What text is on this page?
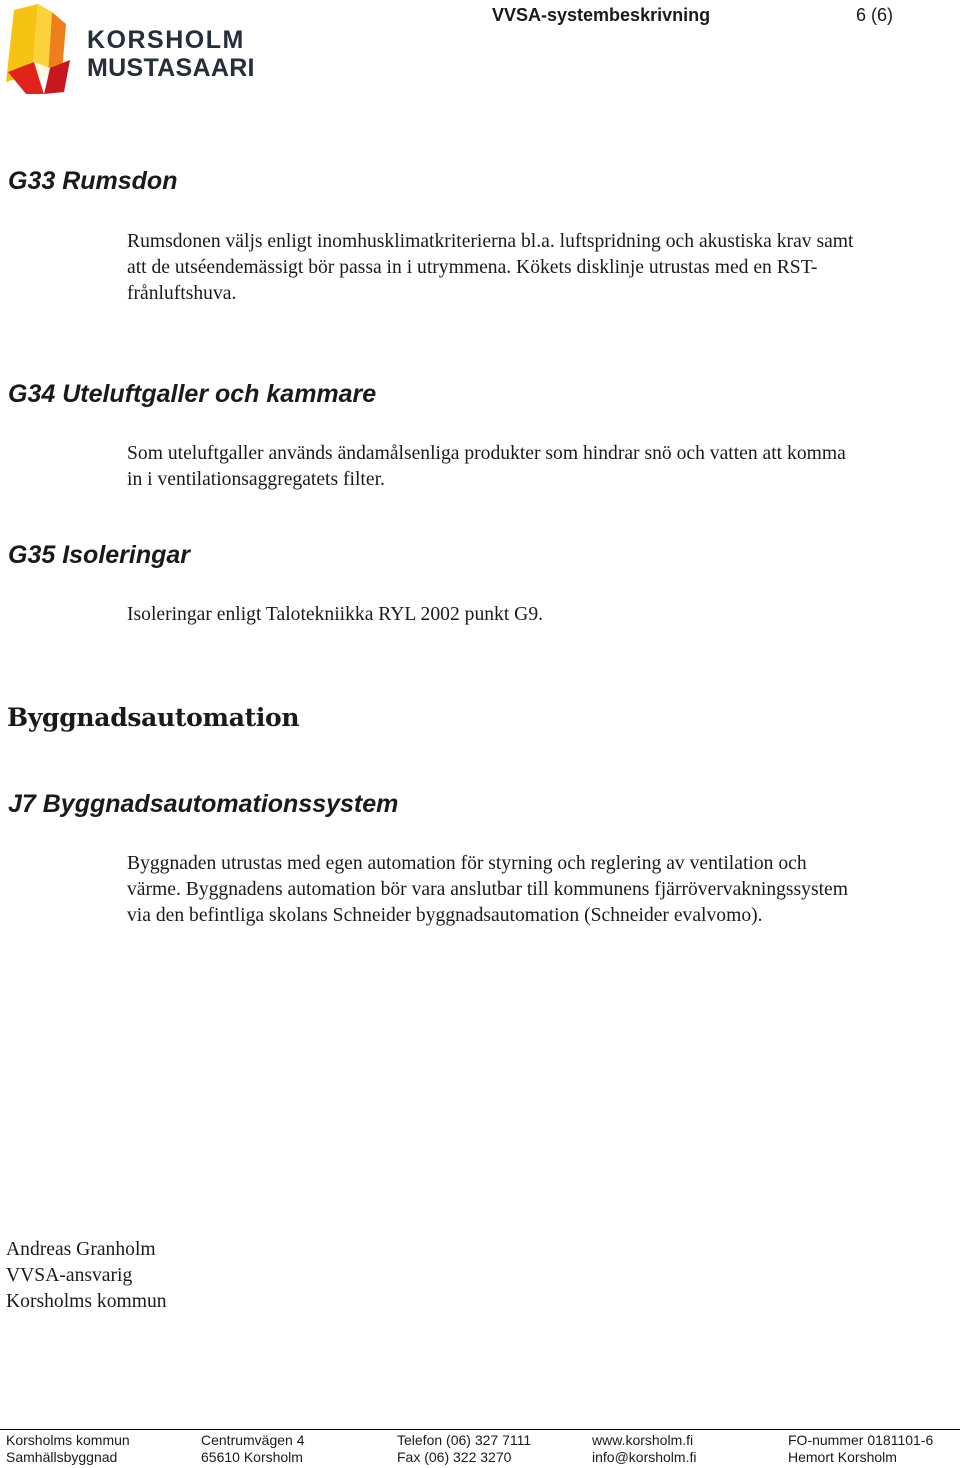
KORSHOLM
MUSTASAARI
VVSA-systembeskrivning	6 (6)
G33 Rumsdon
Rumsdonen väljs enligt inomhusklimatkriterierna bl.a. luftspridning och akustiska krav samt
att de utséendemässigt bör passa in i utrymmena. Kökets disklinje utrustas med en RST-
frånluftshuva.
G34 Uteluftgaller och kammare
Som uteluftgaller används ändamålsenliga produkter som hindrar snö och vatten att komma
in i ventilationsaggregatets filter.
G35 Isoleringar
Isoleringar enligt Talotekniikka RYL 2002 punkt G9.
Byggnadsautomation
J7 Byggnadsautomationssystem
Byggnaden utrustas med egen automation för styrning och reglering av ventilation och
värme. Byggnadens automation bör vara anslutbar till kommunens fjärrövervakningssystem
via den befintliga skolans Schneider byggnadsautomation (Schneider evalvomo).
Andreas Granholm
VVSA-ansvarig
Korsholms kommun
Korsholms kommun
Samhällsbyggnad
Centrumvägen 4
65610 Korsholm
Telefon (06) 327 7111
Fax (06) 322 3270
www.korsholm.fi
info@korsholm.fi
FO-nummer 0181101-6
Hemort Korsholm
